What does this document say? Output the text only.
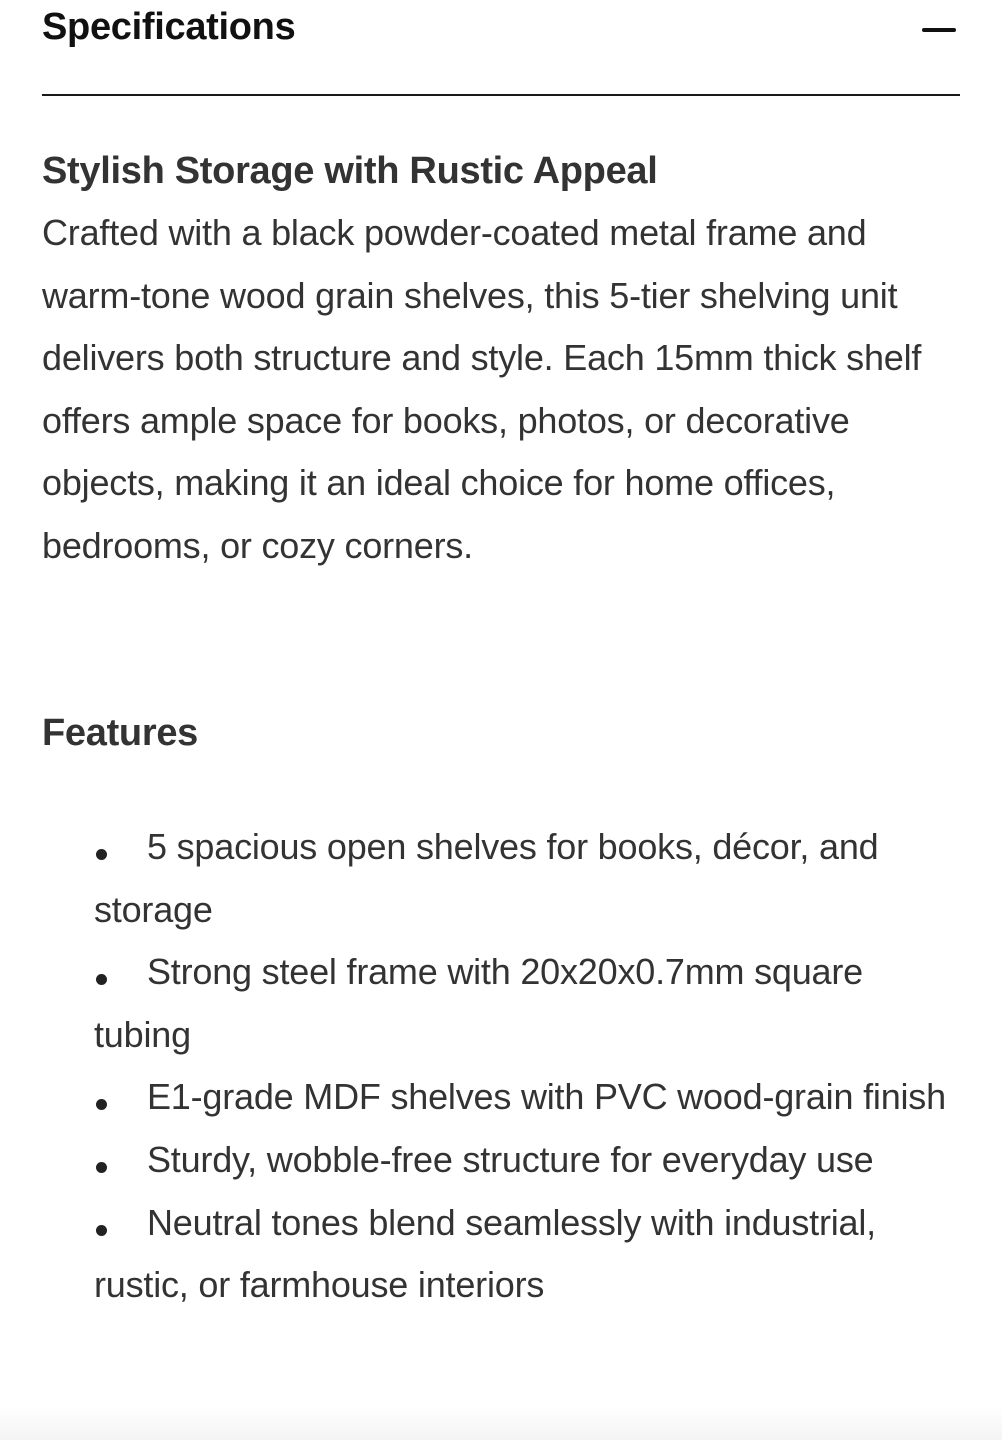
Specifications
Stylish Storage with Rustic Appeal

Crafted with a black powder-coated metal frame and warm-tone wood grain shelves, this 5-tier shelving unit delivers both structure and style. Each 15mm thick shelf offers ample space for books, photos, or decorative objects, making it an ideal choice for home offices, bedrooms, or cozy corners.

Features
5 spacious open shelves for books, décor, and storage
Strong steel frame with 20x20x0.7mm square tubing
E1-grade MDF shelves with PVC wood-grain finish
Sturdy, wobble-free structure for everyday use
Neutral tones blend seamlessly with industrial, rustic, or farmhouse interiors
